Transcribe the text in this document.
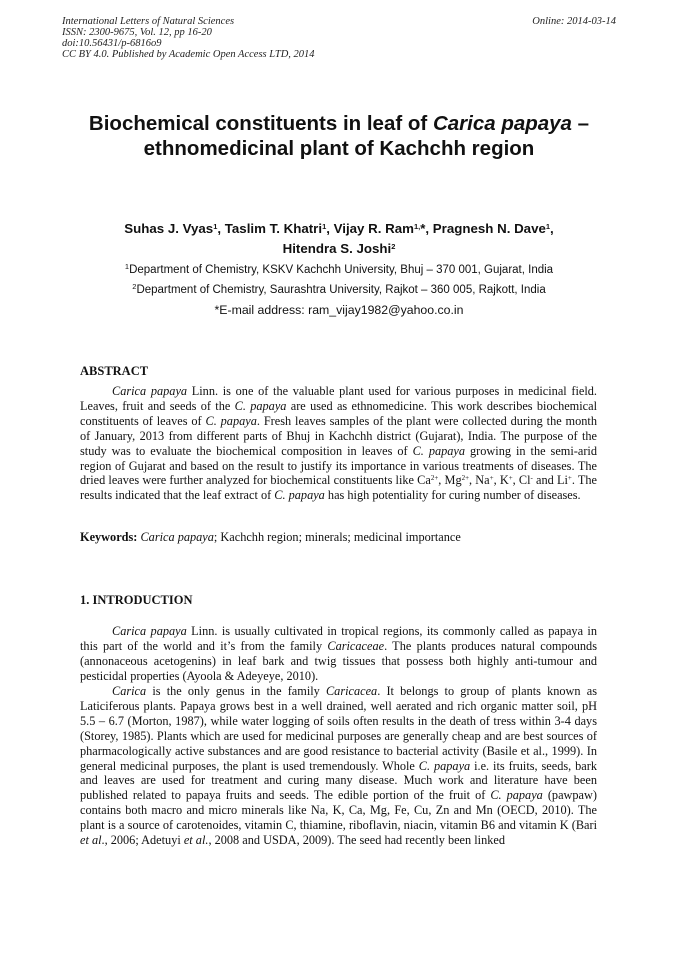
International Letters of Natural Sciences
ISSN: 2300-9675, Vol. 12, pp 16-20
doi:10.56431/p-6816o9
CC BY 4.0. Published by Academic Open Access LTD, 2014
Online: 2014-03-14
Biochemical constituents in leaf of Carica papaya –
ethnomedicinal plant of Kachchh region
Suhas J. Vyas$^1$, Taslim T. Khatri$^1$, Vijay R. Ram$^{1,}$*, Pragnesh N. Dave$^1$,
Hitendra S. Joshi$^2$
$^1$Department of Chemistry, KSKV Kachchh University, Bhuj – 370 001, Gujarat, India
$^2$Department of Chemistry, Saurashtra University, Rajkot – 360 005, Rajkott, India
*E-mail address: ram_vijay1982@yahoo.co.in
ABSTRACT

Carica papaya Linn. is one of the valuable plant used for various purposes in medicinal field. Leaves, fruit and seeds of the C. papaya are used as ethnomedicine. This work describes biochemical constituents of leaves of C. papaya. Fresh leaves samples of the plant were collected during the month of January, 2013 from different parts of Bhuj in Kachchh district (Gujarat), India. The purpose of the study was to evaluate the biochemical composition in leaves of C. papaya growing in the semi-arid region of Gujarat and based on the result to justify its importance in various treatments of diseases. The dried leaves were further analyzed for biochemical constituents like $Ca^{2+}$, $Mg^{2+}$, Na+, K+, Cl- and Li+. The results indicated that the leaf extract of C. papaya has high potentiality for curing number of diseases.

Keywords: Carica papaya; Kachchh region; minerals; medicinal importance

1. INTRODUCTION

Carica papaya Linn. is usually cultivated in tropical regions, its commonly called as papaya in this part of the world and it’s from the family Caricaceae. The plants produces natural compounds (annonaceous acetogenins) in leaf bark and twig tissues that possess both highly anti-tumour and pesticidal properties (Ayoola & Adeyeye, 2010).

Carica is the only genus in the family Caricacea. It belongs to group of plants known as Laticiferous plants. Papaya grows best in a well drained, well aerated and rich organic matter soil, pH 5.5 – 6.7 (Morton, 1987), while water logging of soils often results in the death of tress within 3-4 days (Storey, 1985). Plants which are used for medicinal purposes are generally cheap and are best sources of pharmacologically active substances and are good resistance to bacterial activity (Basile et al., 1999). In general medicinal purposes, the plant is used tremendously. Whole C. papaya i.e. its fruits, seeds, bark and leaves are used for treatment and curing many disease. Much work and literature have been published related to papaya fruits and seeds. The edible portion of the fruit of C. papaya (pawpaw) contains both macro and micro minerals like Na, K, Ca, Mg, Fe, Cu, Zn and Mn (OECD, 2010). The plant is a source of carotenoides, vitamin C, thiamine, riboflavin, niacin, vitamin B6 and vitamin K (Bari et al., 2006; Adetuyi et al., 2008 and USDA, 2009). The seed had recently been linked
